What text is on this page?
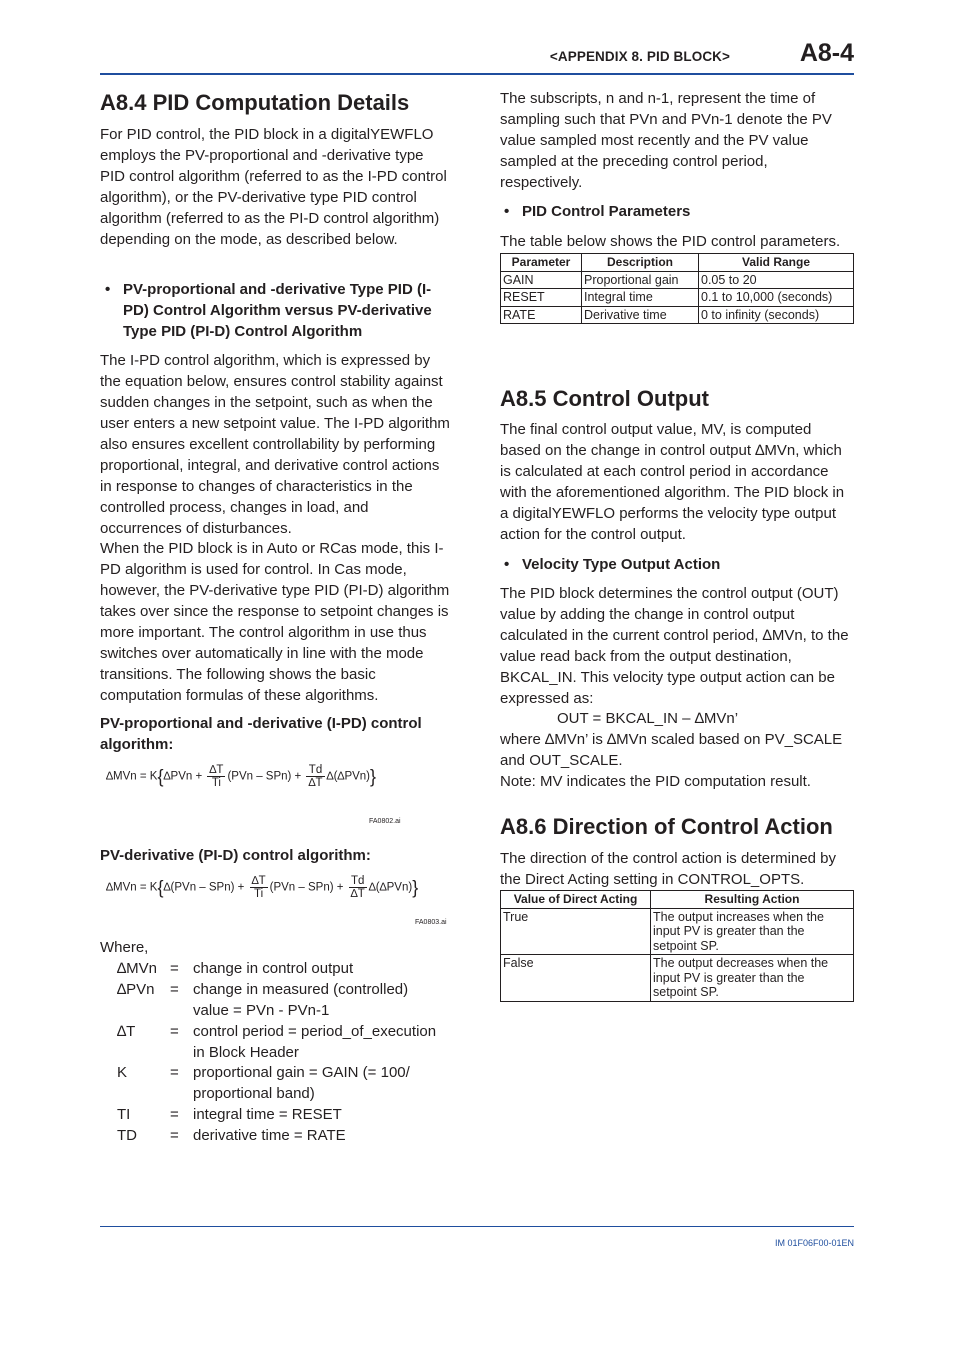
<APPENDIX 8. PID BLOCK>	A8-4
A8.4 PID Computation Details

For PID control, the PID block in a digitalYEWFLO employs the PV-proportional and -derivative type PID control algorithm (referred to as the I-PD control algorithm), or the PV-derivative type PID control algorithm (referred to as the PI-D control algorithm) depending on the mode, as described below.

• PV-proportional and -derivative Type PID (I-PD) Control Algorithm versus PV-derivative Type PID (PI-D) Control Algorithm

The I-PD control algorithm, which is expressed by the equation below, ensures control stability against sudden changes in the setpoint, such as when the user enters a new setpoint value. The I-PD algorithm also ensures excellent controllability by performing proportional, integral, and derivative control actions in response to changes of characteristics in the controlled process, changes in load, and occurrences of disturbances.

When the PID block is in Auto or RCas mode, this I-PD algorithm is used for control. In Cas mode, however, the PV-derivative type PID (PI-D) algorithm takes over since the response to setpoint changes is more important. The control algorithm in use thus switches over automatically in line with the mode transitions. The following shows the basic computation formulas of these algorithms.

PV-proportional and -derivative (I-PD) control algorithm:

$\Delta MVn = K\{\Delta PVn + \frac{\Delta T}{Ti} (PVn - SPn) + \frac{Td}{\Delta T} \Delta(\Delta PVn)\}$
FA0802.ai

PV-derivative (PI-D) control algorithm:

$\Delta MVn = K\{\Delta(PVn - SPn) + \frac{\Delta T}{Ti} (PVn - SPn) + \frac{Td}{\Delta T} \Delta(\Delta PVn)\}$
FA0803.ai

Where,

∆MVn = change in control output
∆PVn = change in measured (controlled) value = PVn - PVn-1
∆T = control period = period_of_execution in Block Header
K	= proportional gain = GAIN (= 100/ proportional band)
TI	= integral time = RESET
TD = derivative time = RATE

The subscripts, n and n-1, represent the time of sampling such that PVn and PVn-1 denote the PV value sampled most recently and the PV value sampled at the preceding control period, respectively.

• PID Control Parameters

The table below shows the PID control parameters.

Parameter	Description	Valid Range
GAIN	Proportional gain	0.05 to 20
RESET	Integral time	0.1 to 10,000 (seconds)
RATE	Derivative time	0 to infinity (seconds)
A8.5 Control Output

The final control output value, MV, is computed based on the change in control output ∆MVn, which is calculated at each control period in accordance with the aforementioned algorithm. The PID block in a digitalYEWFLO performs the velocity type output action for the control output.

• Velocity Type Output Action

The PID block determines the control output (OUT) value by adding the change in control output calculated in the current control period, ∆MVn, to the value read back from the output destination, BKCAL_IN. This velocity type output action can be expressed as:

OUT = BKCAL_IN – ∆MVn’

where ∆MVn’ is ∆MVn scaled based on PV_SCALE and OUT_SCALE.

Note: MV indicates the PID computation result.

A8.6 Direction of Control Action

The direction of the control action is determined by the Direct Acting setting in CONTROL_OPTS.

Value of Direct Acting	Resulting Action
True	The output increases when the input PV is greater than the setpoint SP.
False	The output decreases when the input PV is greater than the setpoint SP.
IM 01F06F00-01EN
